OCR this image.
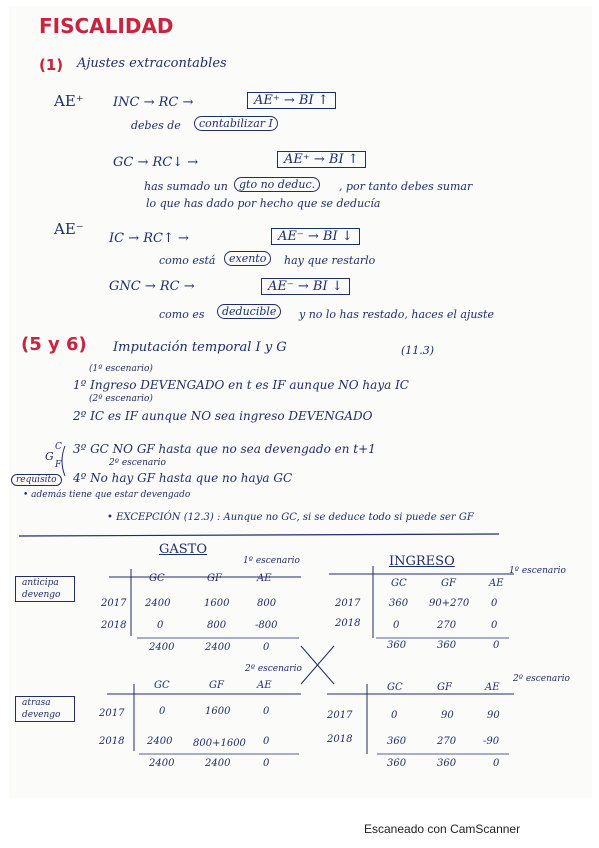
FISCALIDAD
(1) Ajustes extracontables
AE⁺ INC → RC →	AE⁺ → BI ↑
debes de	contabilizar I
GC → RC↓ →	AE⁺ → BI ↑
has sumado un	gto no deduc.	, por tanto debes sumar
lo que has dado por hecho que se deducía
AE⁻
IC → RC↑ →	AE⁻ → BI ↓
como está	exento	hay que restarlo
GNC → RC →	AE⁻ → BI ↓
como es	deducible	y no lo has restado, haces el ajuste
(5 y 6) Imputación temporal I y G	(11.3)
(1º escenario)
1º Ingreso DEVENGADO en t es IF aunque NO haya IC
(2º escenario)
2º IC es IF aunque NO sea ingreso DEVENGADO
G
C
F
requisito
3º GC NO GF hasta que no sea devengado en t+1
2º escenario
4º No hay GF hasta que no haya GC
• además tiene que estar devengado
• EXCEPCIÓN (12.3) : Aunque no GC, si se deduce todo si puede ser GF
GASTO
1º escenario	INGRESO
1º escenario
anticipa devengo
atrasa devengo
2º escenario
2º escenario
GC	GF	AE
2017 2400	1600	800
2018	0	800	-800
2400	2400	0
GC	GF	AE
2017	360 90+270 0
2018	0	270	0
360	360	0
GC	GF	AE
2017	0	1600	0
2018 2400 800+1600 0
2400	2400	0
GC	GF	AE
2017	0	90	90
2018	360	270	-90
360	360	0
Escaneado con CamScanner
